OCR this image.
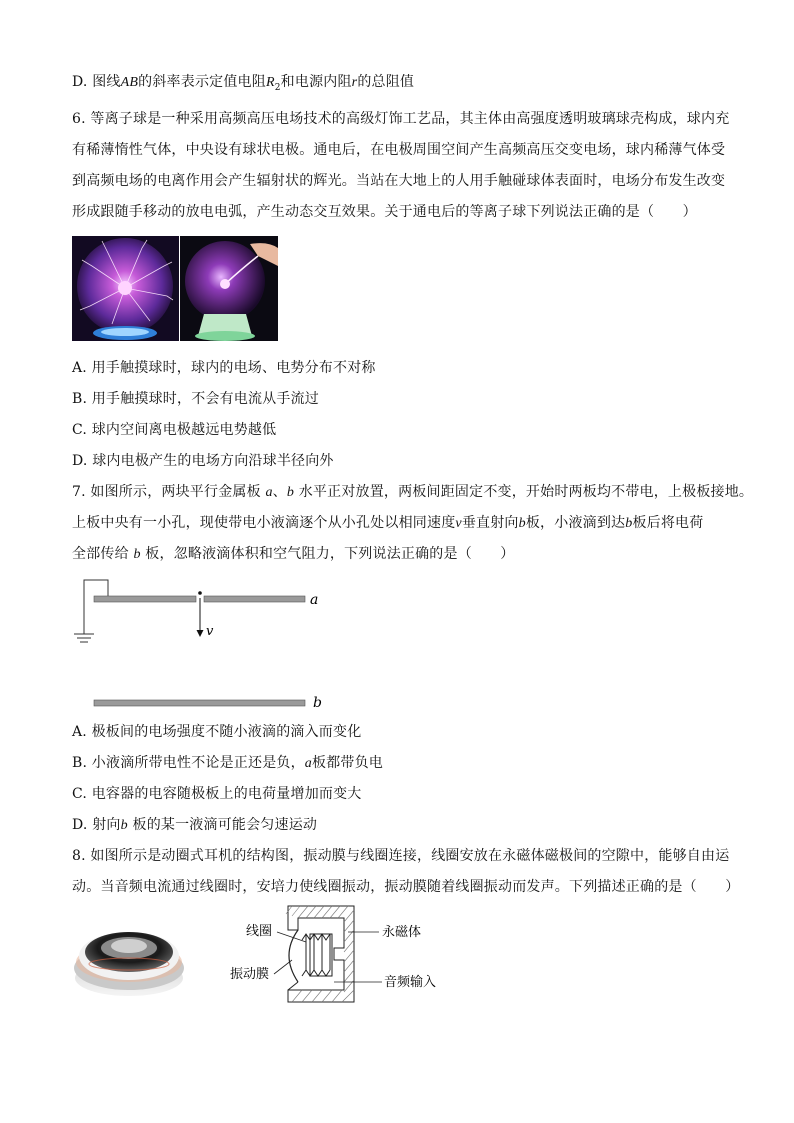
D. 图线AB的斜率表示定值电阻$R_2$和电源内阻r的总阻值
6. 等离子球是一种采用高频高压电场技术的高级灯饰工艺品，其主体由高强度透明玻璃球壳构成，球内充
有稀薄惰性气体，中央设有球状电极。通电后，在电极周围空间产生高频高压交变电场，球内稀薄气体受
到高频电场的电离作用会产生辐射状的辉光。当站在大地上的人用手触碰球体表面时，电场分布发生改变
形成跟随手移动的放电电弧，产生动态交互效果。关于通电后的等离子球下列说法正确的是（　　）
A. 用手触摸球时，球内的电场、电势分布不对称
B. 用手触摸球时，不会有电流从手流过
C. 球内空间离电极越远电势越低
D. 球内电极产生的电场方向沿球半径向外
7. 如图所示，两块平行金属板 a、b 水平正对放置，两板间距固定不变，开始时两板均不带电，上极板接地。
上板中央有一小孔，现使带电小液滴逐个从小孔处以相同速度v垂直射向b板，小液滴到达b板后将电荷
全部传给 b 板，忽略液滴体积和空气阻力，下列说法正确的是（　　）
v
a
b
A. 极板间的电场强度不随小液滴的滴入而变化
B. 小液滴所带电性不论是正还是负，a板都带负电
C. 电容器的电容随极板上的电荷量增加而变大
D. 射向b 板的某一液滴可能会匀速运动
8. 如图所示是动圈式耳机的结构图，振动膜与线圈连接，线圈安放在永磁体磁极间的空隙中，能够自由运
动。当音频电流通过线圈时，安培力使线圈振动，振动膜随着线圈振动而发声。下列描述正确的是（　　）
线圈	永磁体
振动膜
音频输入
